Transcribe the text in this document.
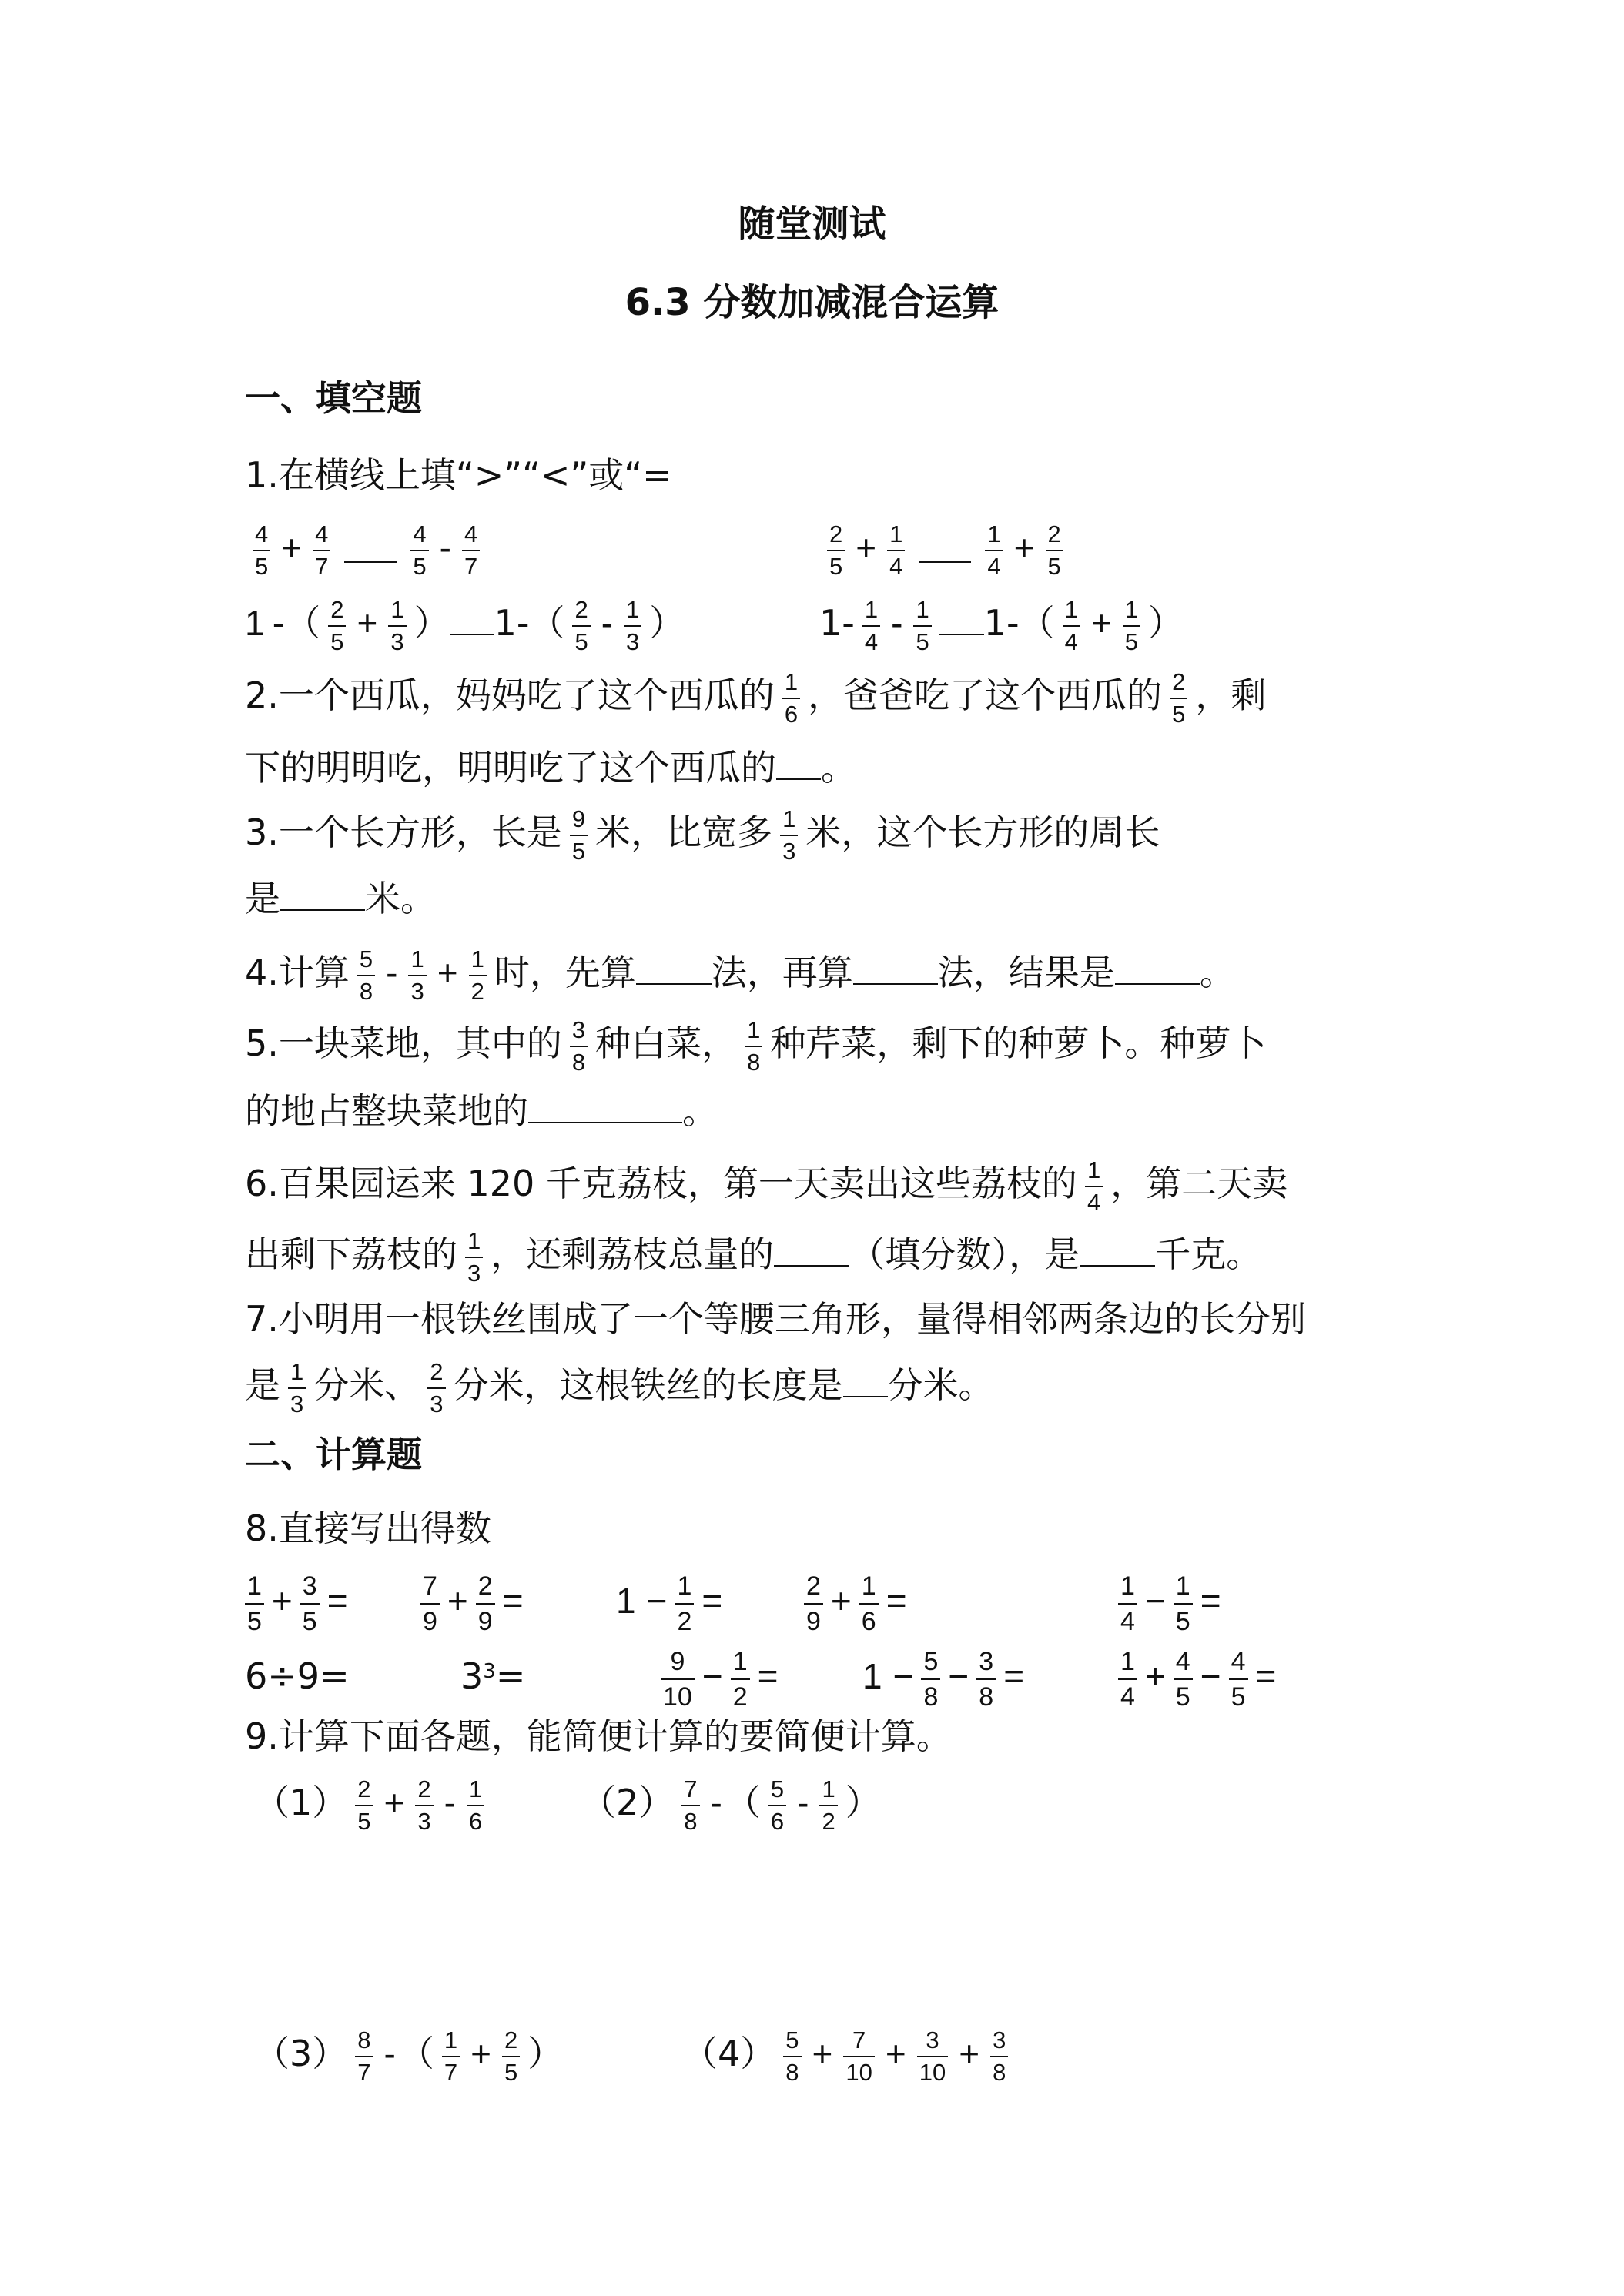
随堂测试
6.3 分数加减混合运算
一、填空题
1.在横线上填“>”“<”或“=
$\frac{4}{5} + \frac{4}{7}$	$\frac{4}{5} - \frac{4}{7}$	$\frac{2}{5} + \frac{1}{4}$	$\frac{1}{4} + \frac{2}{5}$
1 -（ $\frac{2}{5} + \frac{1}{3}$ ） $1-( \frac{2}{5} - \frac{1}{3}$ ）	$1- \frac{1}{4} - \frac{1}{5} 1-( \frac{1}{4} + \frac{1}{5}$ ）
2.一个西瓜，妈妈吃了这个西瓜的 $\frac{1}{6}$ ，爸爸吃了这个西瓜的 $\frac{2}{5}$ ，剩
下的明明吃，明明吃了这个西瓜的 。
3.一个长方形，长是 $\frac{9}{5}$ 米，比宽多 $\frac{1}{3}$ 米，这个长方形的周长
是 米。
4.计算 $\frac{5}{8} - \frac{1}{3} + \frac{1}{2}$ 时，先算 法，再算 法，结果是 。
5.一块菜地，其中的 $\frac{3}{8}$ 种白菜， $\frac{1}{8}$ 种芹菜，剩下的种萝卜。种萝卜
的地占整块菜地的	。
6.百果园运来 120 千克荔枝，第一天卖出这些荔枝的 $\frac{1}{4}$ ，第二天卖
出剩下荔枝的 $\frac{1}{3}$ ，还剩荔枝总量的 （填分数），是 千克。
7.小明用一根铁丝围成了一个等腰三角形，量得相邻两条边的长分别
是 $\frac{1}{3}$ 分米、 $\frac{2}{3}$ 分米，这根铁丝的长度是 分米。
二、计算题
8.直接写出得数
$\frac{1}{5} + \frac{3}{5}$ =	$\frac{7}{9} + \frac{2}{9}$ =	$1 - \frac{1}{2}$ =	$\frac{2}{9} + \frac{1}{6}$ =	$\frac{1}{4} - \frac{1}{5}$ =
6÷9=	$3^3=$	$\frac{9}{10} - \frac{1}{2} = 1 - \frac{5}{8} - \frac{3}{8}$ =	$\frac{1}{4} + \frac{4}{5} - \frac{4}{5}$ =
9.计算下面各题，能简便计算的要简便计算。
$(1) \frac{2}{5} + \frac{2}{3} - \frac{1}{6}$	$(2) \frac{7}{8}$ -（ $\frac{5}{6} - \frac{1}{2}$ ）
$(3) \frac{8}{7}$ -（ $\frac{1}{7} + \frac{2}{5}$ ）	$(4) \frac{5}{8} + \frac{7}{10} + \frac{3}{10} + \frac{3}{8}$
